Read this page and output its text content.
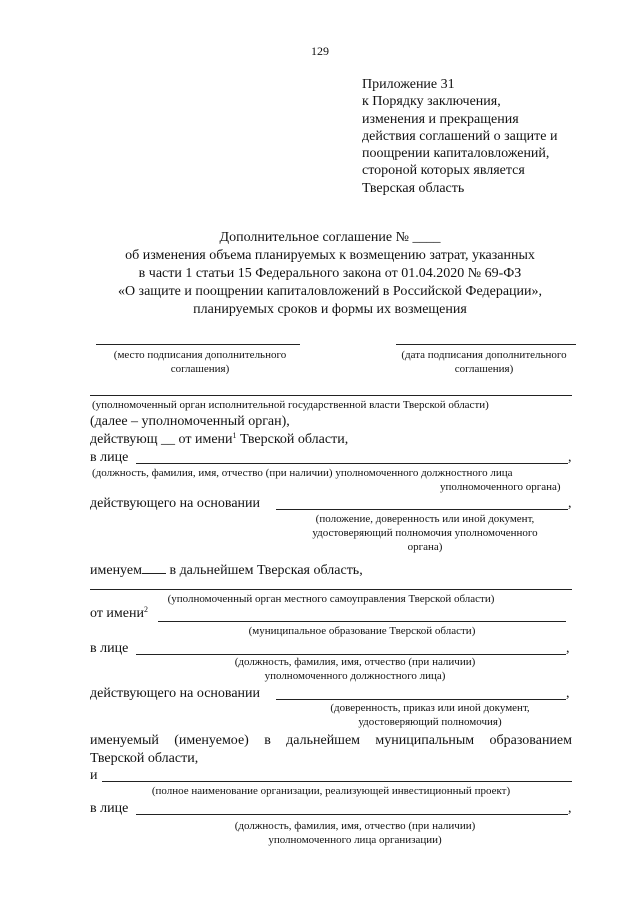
129
Приложение 31
к Порядку заключения,
изменения и прекращения
действия соглашений о защите и
поощрении капиталовложений,
стороной которых является
Тверская область
Дополнительное соглашение № ____
об изменения объема планируемых к возмещению затрат, указанных
в части 1 статьи 15 Федерального закона от 01.04.2020 № 69-ФЗ
«О защите и поощрении капиталовложений в Российской Федерации»,
планируемых сроков и формы их возмещения
(место подписания дополнительного
соглашения)
(дата подписания дополнительного
соглашения)
(уполномоченный орган исполнительной государственной власти Тверской области)
(далее – уполномоченный орган),
действующ __ от имени$^1$ Тверской области,
в лице	,
(должность, фамилия, имя, отчество (при наличии) уполномоченного должностного лица
уполномоченного органа)
действующего на основании	,
(положение, доверенность или иной документ,
удостоверяющий полномочия уполномоченного
органа)
именуем в дальнейшем Тверская область,
(уполномоченный орган местного самоуправления Тверской области)
от имени$^2$
(муниципальное образование Тверской области)
в лице	,
(должность, фамилия, имя, отчество (при наличии)
уполномоченного должностного лица)
действующего на основании	,
(доверенность, приказ или иной документ,
удостоверяющий полномочия)
именуемый (именуемое) в дальнейшем муниципальным образованием
Тверской области,
и
(полное наименование организации, реализующей инвестиционный проект)
в лице	,
(должность, фамилия, имя, отчество (при наличии)
уполномоченного лица организации)
